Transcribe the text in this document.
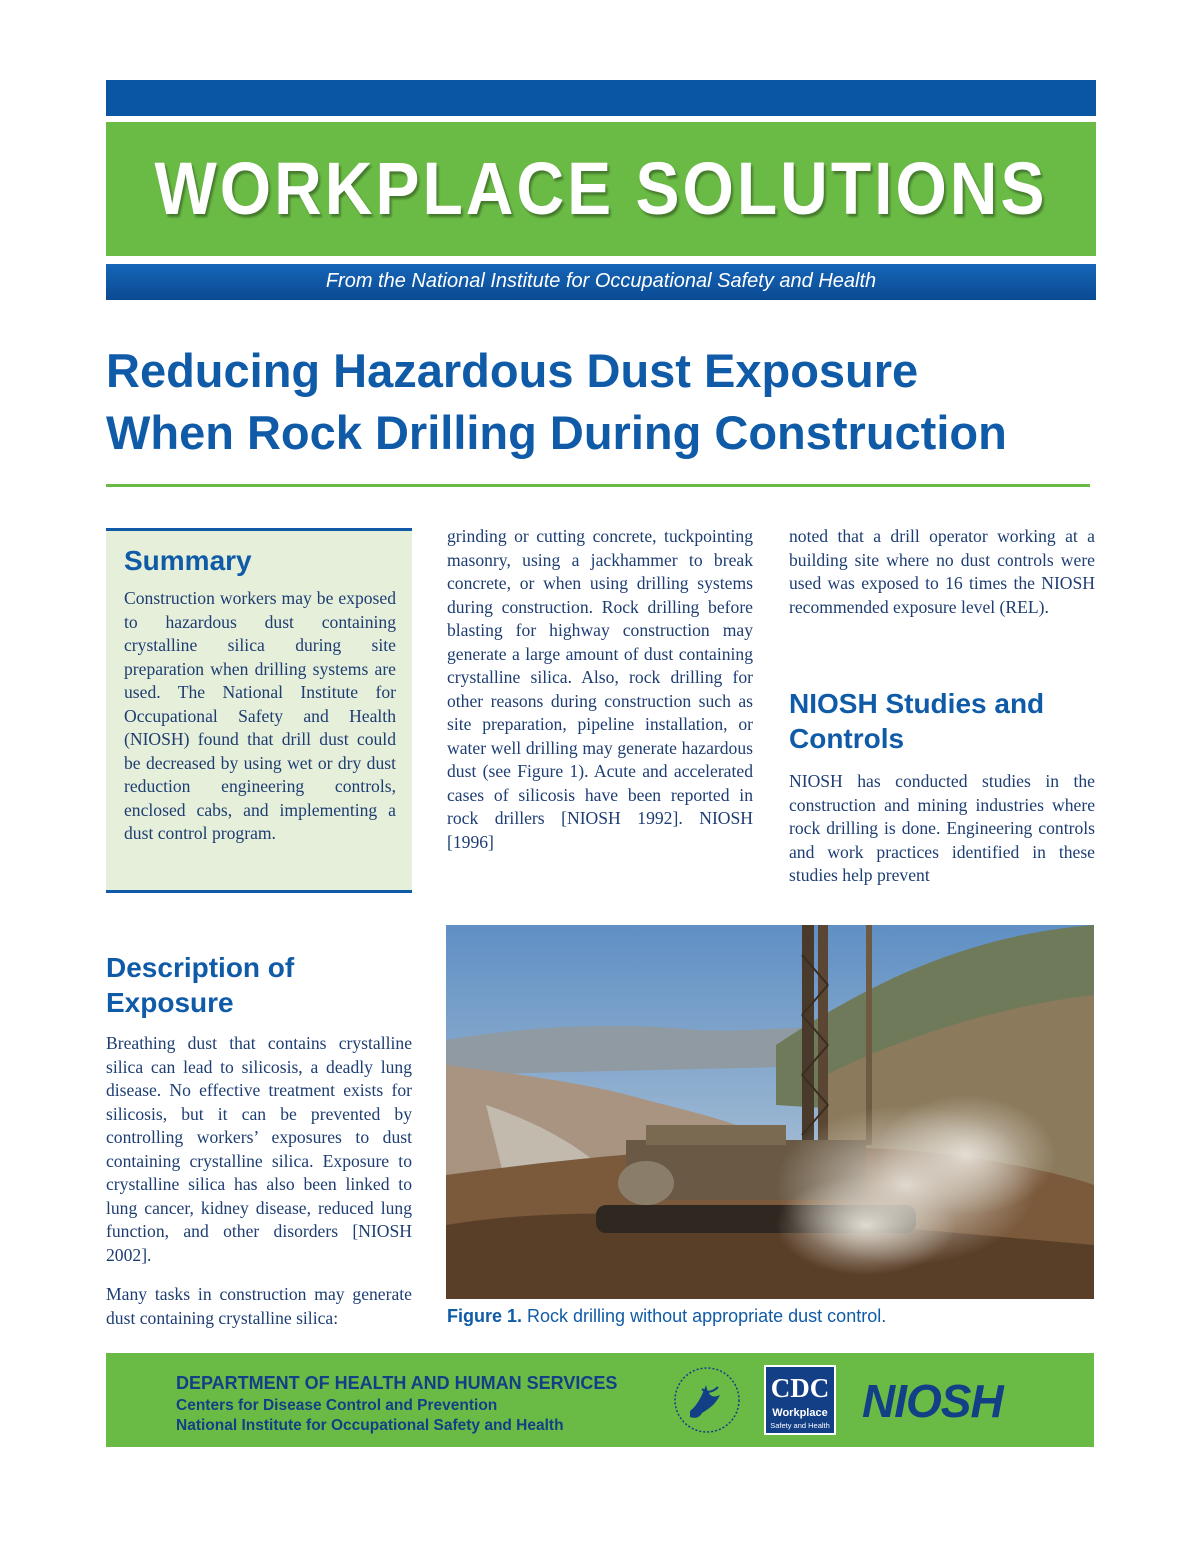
WORKPLACE SOLUTIONS
From the National Institute for Occupational Safety and Health
Reducing Hazardous Dust Exposure
When Rock Drilling During Construction
Summary

Construction workers may be exposed to hazardous dust containing crystalline silica during site preparation when drilling systems are used. The National Institute for Occupational Safety and Health (NIOSH) found that drill dust could be decreased by using wet or dry dust reduction engineering controls, enclosed cabs, and implementing a dust control program.

grinding or cutting concrete, tuckpointing masonry, using a jackhammer to break concrete, or when using drilling systems during construction. Rock drilling before blasting for highway construction may generate a large amount of dust containing crystalline silica. Also, rock drilling for other reasons during construction such as site preparation, pipeline installation, or water well drilling may generate hazardous dust (see Figure 1). Acute and accelerated cases of silicosis have been reported in rock drillers [NIOSH 1992]. NIOSH [1996]

noted that a drill operator working at a building site where no dust controls were used was exposed to 16 times the NIOSH recommended exposure level (REL).

NIOSH Studies and
Controls

NIOSH has conducted studies in the construction and mining industries where rock drilling is done. Engineering controls and work practices identified in these studies help prevent

Description of
Exposure

Breathing dust that contains crystalline silica can lead to silicosis, a deadly lung disease. No effective treatment exists for silicosis, but it can be prevented by controlling workers’ exposures to dust containing crystalline silica. Exposure to crystalline silica has also been linked to lung cancer, kidney disease, reduced lung function, and other disorders [NIOSH 2002].

Many tasks in construction may generate dust containing crystalline silica:	Figure 1. Rock drilling without appropriate dust control.
DEPARTMENT OF HEALTH AND HUMAN SERVICES
Centers for Disease Control and Prevention
National Institute for Occupational Safety and Health
CDC
Workplace
Safety and Health NIOSH
